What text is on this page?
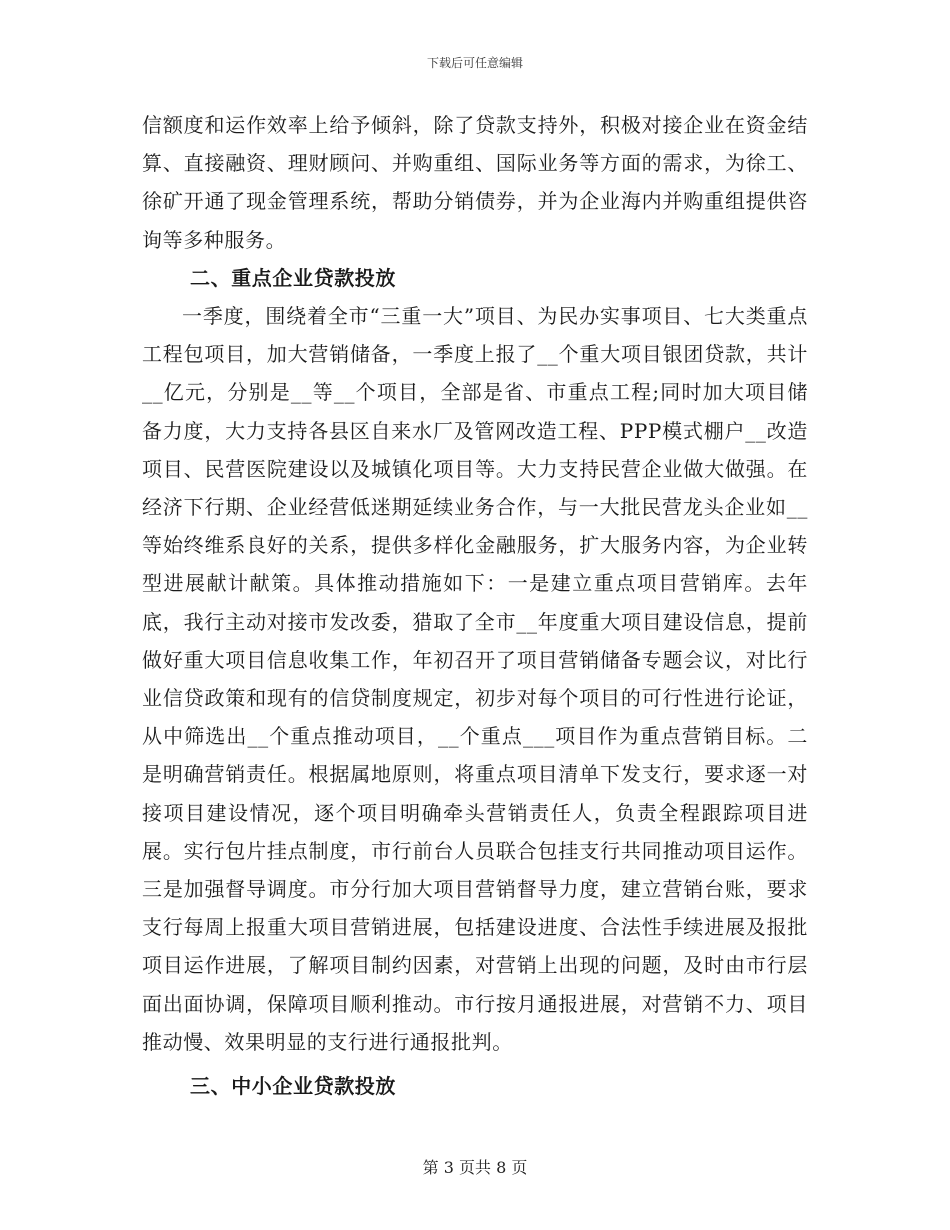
下载后可任意编辑

信额度和运作效率上给予倾斜，除了贷款支持外，积极对接企业在资金结算、直接融资、理财顾问、并购重组、国际业务等方面的需求，为徐工、徐矿开通了现金管理系统，帮助分销债券，并为企业海内并购重组提供咨询等多种服务。

二、重点企业贷款投放

一季度，围绕着全市“三重一大”项目、为民办实事项目、七大类重点工程包项目，加大营销储备，一季度上报了__个重大项目银团贷款，共计__亿元，分别是__等__个项目，全部是省、市重点工程;同时加大项目储备力度，大力支持各县区自来水厂及管网改造工程、PPP模式棚户__改造项目、民营医院建设以及城镇化项目等。大力支持民营企业做大做强。在经济下行期、企业经营低迷期延续业务合作，与一大批民营龙头企业如__等始终维系良好的关系，提供多样化金融服务，扩大服务内容，为企业转型进展献计献策。具体推动措施如下：一是建立重点项目营销库。去年底，我行主动对接市发改委，猎取了全市__年度重大项目建设信息，提前做好重大项目信息收集工作，年初召开了项目营销储备专题会议，对比行业信贷政策和现有的信贷制度规定，初步对每个项目的可行性进行论证，从中筛选出__个重点推动项目，__个重点___项目作为重点营销目标。二是明确营销责任。根据属地原则，将重点项目清单下发支行，要求逐一对接项目建设情况，逐个项目明确牵头营销责任人，负责全程跟踪项目进展。实行包片挂点制度，市行前台人员联合包挂支行共同推动项目运作。三是加强督导调度。市分行加大项目营销督导力度，建立营销台账，要求支行每周上报重大项目营销进展，包括建设进度、合法性手续进展及报批项目运作进展，了解项目制约因素，对营销上出现的问题，及时由市行层面出面协调，保障项目顺利推动。市行按月通报进展，对营销不力、项目推动慢、效果明显的支行进行通报批判。

三、中小企业贷款投放

第 3 页共 8 页
